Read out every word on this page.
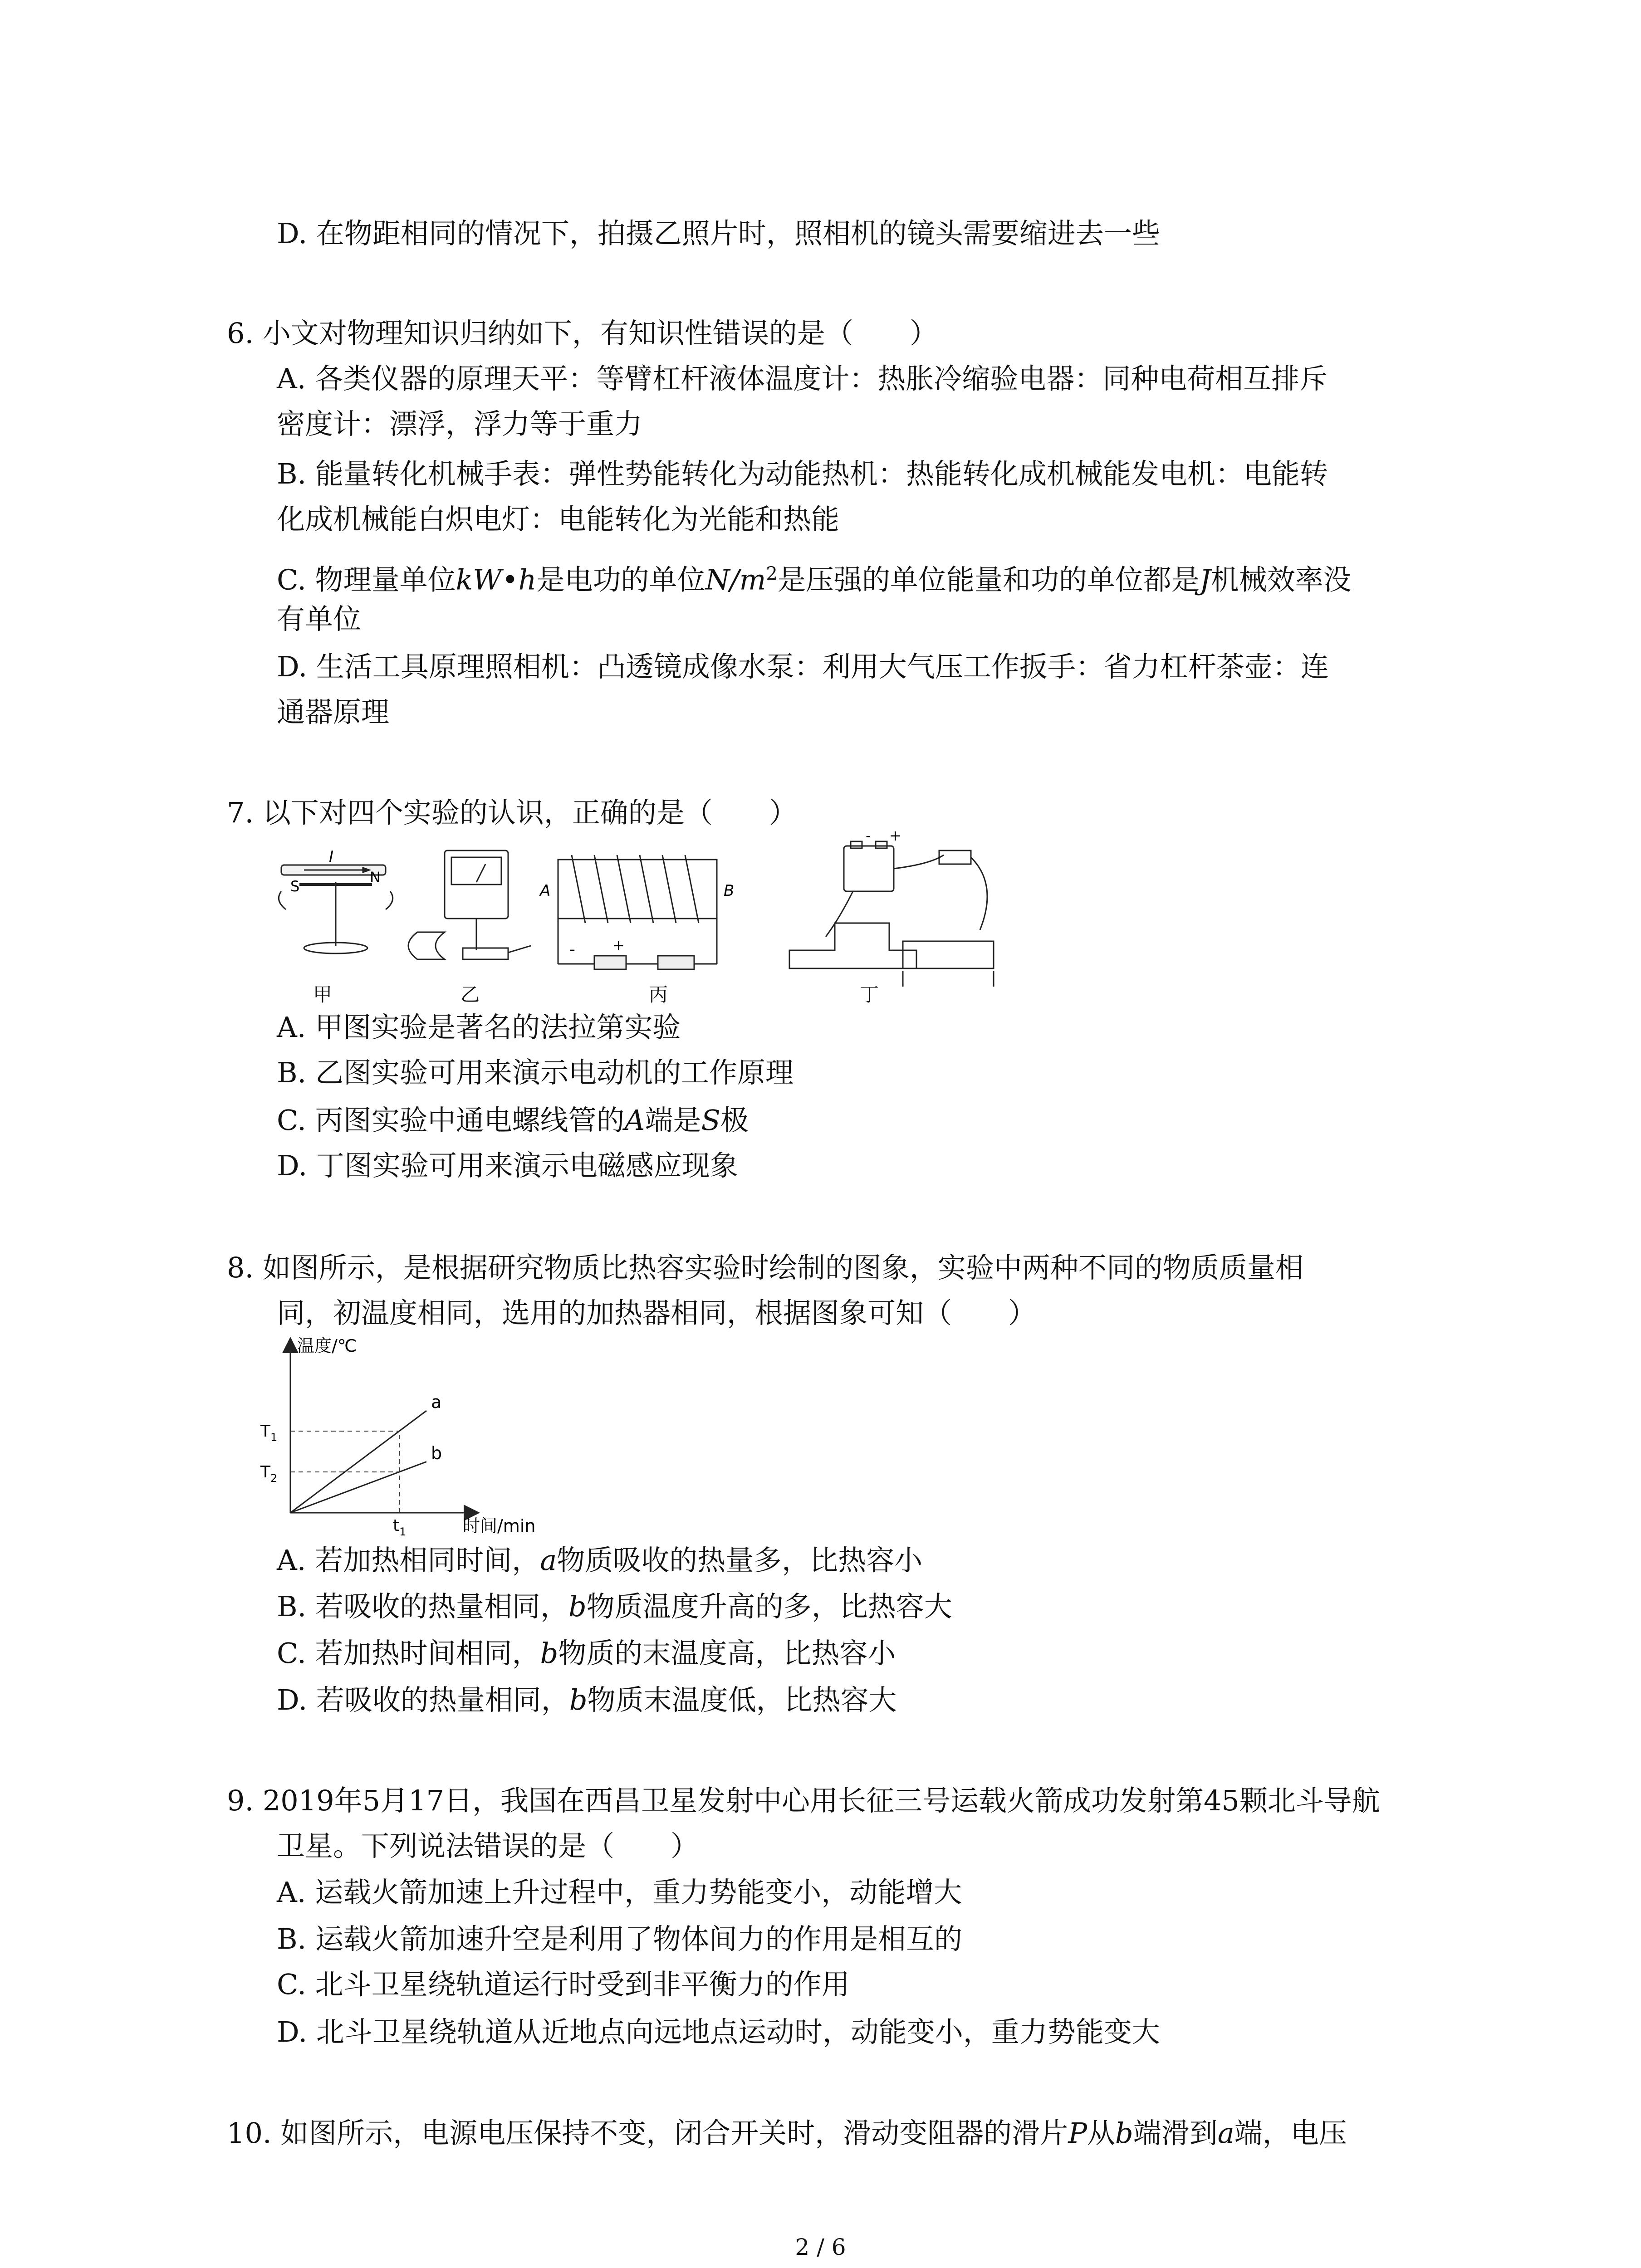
D. 在物距相同的情况下，拍摄乙照片时，照相机的镜头需要缩进去一些
6. 小文对物理知识归纳如下，有知识性错误的是（　　）
A. 各类仪器的原理天平：等臂杠杆液体温度计：热胀冷缩验电器：同种电荷相互排斥
密度计：漂浮，浮力等于重力
B. 能量转化机械手表：弹性势能转化为动能热机：热能转化成机械能发电机：电能转
化成机械能白炽电灯：电能转化为光能和热能
C. 物理量单位kW•h是电功的单位$N/m^2$是压强的单位能量和功的单位都是J机械效率没
有单位
D. 生活工具原理照相机：凸透镜成像水泵：利用大气压工作扳手：省力杠杆茶壶：连
通器原理
7. 以下对四个实验的认识，正确的是（　　）
I
S
N
A	B
-	+
- +
甲	乙	丙	丁
A. 甲图实验是著名的法拉第实验
B. 乙图实验可用来演示电动机的工作原理
C. 丙图实验中通电螺线管的A端是S极
D. 丁图实验可用来演示电磁感应现象
8. 如图所示，是根据研究物质比热容实验时绘制的图象，实验中两种不同的物质质量相
同，初温度相同，选用的加热器相同，根据图象可知（　　）
温度/℃
时间/min
a
b
$T_1$
$T_2$
$t_1$
A. 若加热相同时间，a物质吸收的热量多，比热容小
B. 若吸收的热量相同，b物质温度升高的多，比热容大
C. 若加热时间相同，b物质的末温度高，比热容小
D. 若吸收的热量相同，b物质末温度低，比热容大
9. 2019年5月17日，我国在西昌卫星发射中心用长征三号运载火箭成功发射第45颗北斗导航
卫星。下列说法错误的是（　　）
A. 运载火箭加速上升过程中，重力势能变小，动能增大
B. 运载火箭加速升空是利用了物体间力的作用是相互的
C. 北斗卫星绕轨道运行时受到非平衡力的作用
D. 北斗卫星绕轨道从近地点向远地点运动时，动能变小，重力势能变大
10. 如图所示，电源电压保持不变，闭合开关时，滑动变阻器的滑片P从b端滑到a端，电压
2 / 6
